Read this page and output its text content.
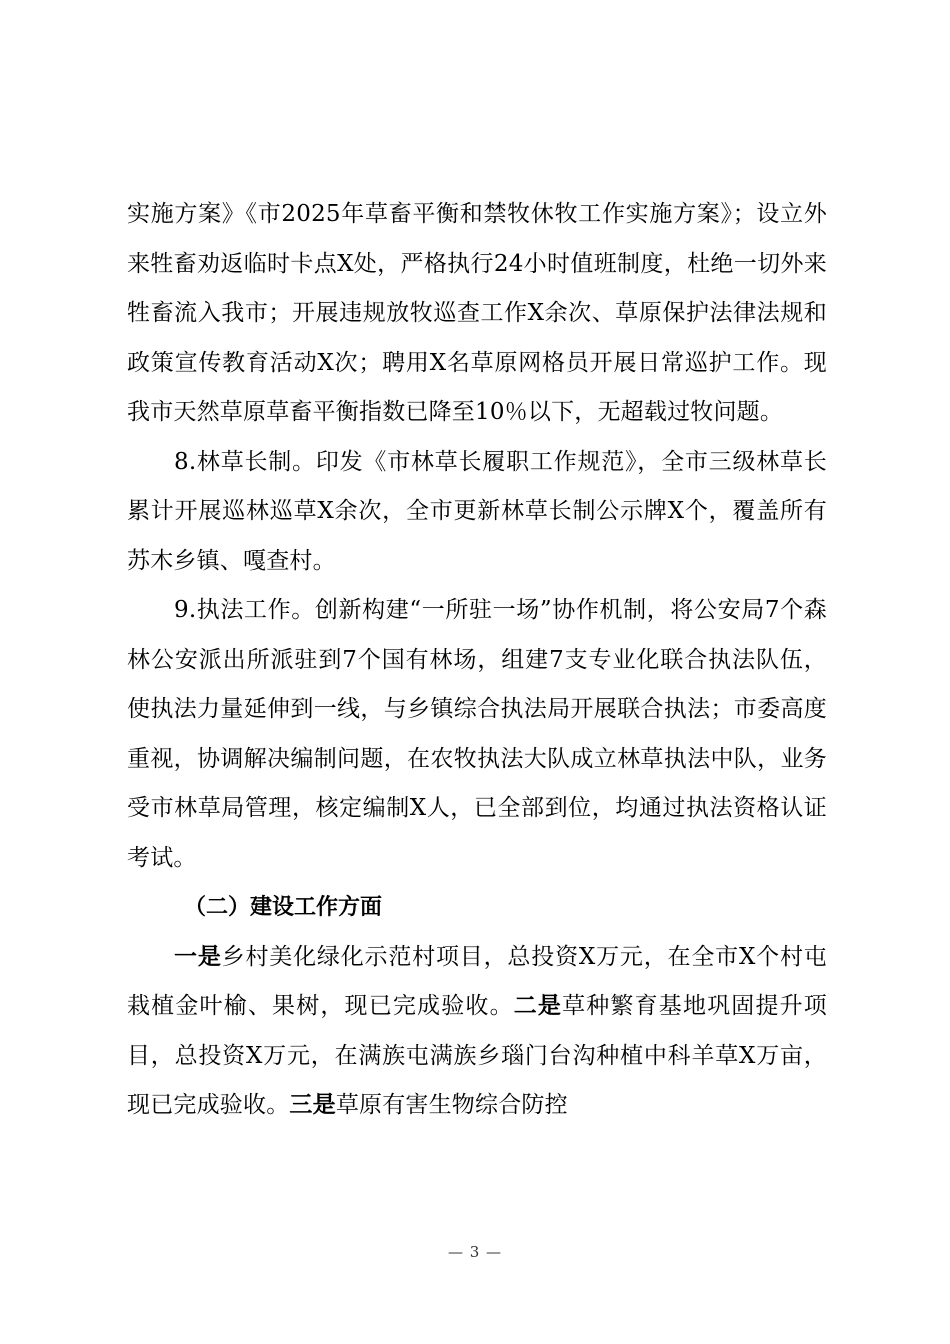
实施方案》《市2025年草畜平衡和禁牧休牧工作实施方案》；设立外来牲畜劝返临时卡点X处，严格执行24小时值班制度，杜绝一切外来牲畜流入我市；开展违规放牧巡查工作X余次、草原保护法律法规和政策宣传教育活动X次；聘用X名草原网格员开展日常巡护工作。现我市天然草原草畜平衡指数已降至10％以下，无超载过牧问题。

8.林草长制。印发《市林草长履职工作规范》，全市三级林草长累计开展巡林巡草X余次，全市更新林草长制公示牌X个，覆盖所有苏木乡镇、嘎查村。

9.执法工作。创新构建“一所驻一场”协作机制，将公安局7个森林公安派出所派驻到7个国有林场，组建7支专业化联合执法队伍，使执法力量延伸到一线，与乡镇综合执法局开展联合执法；市委高度重视，协调解决编制问题，在农牧执法大队成立林草执法中队，业务受市林草局管理，核定编制X人，已全部到位，均通过执法资格认证考试。

（二）建设工作方面

一是乡村美化绿化示范村项目，总投资X万元，在全市X个村屯栽植金叶榆、果树，现已完成验收。二是草种繁育基地巩固提升项目，总投资X万元，在满族屯满族乡瑙门台沟种植中科羊草X万亩，现已完成验收。三是草原有害生物综合防控

— 3 —
